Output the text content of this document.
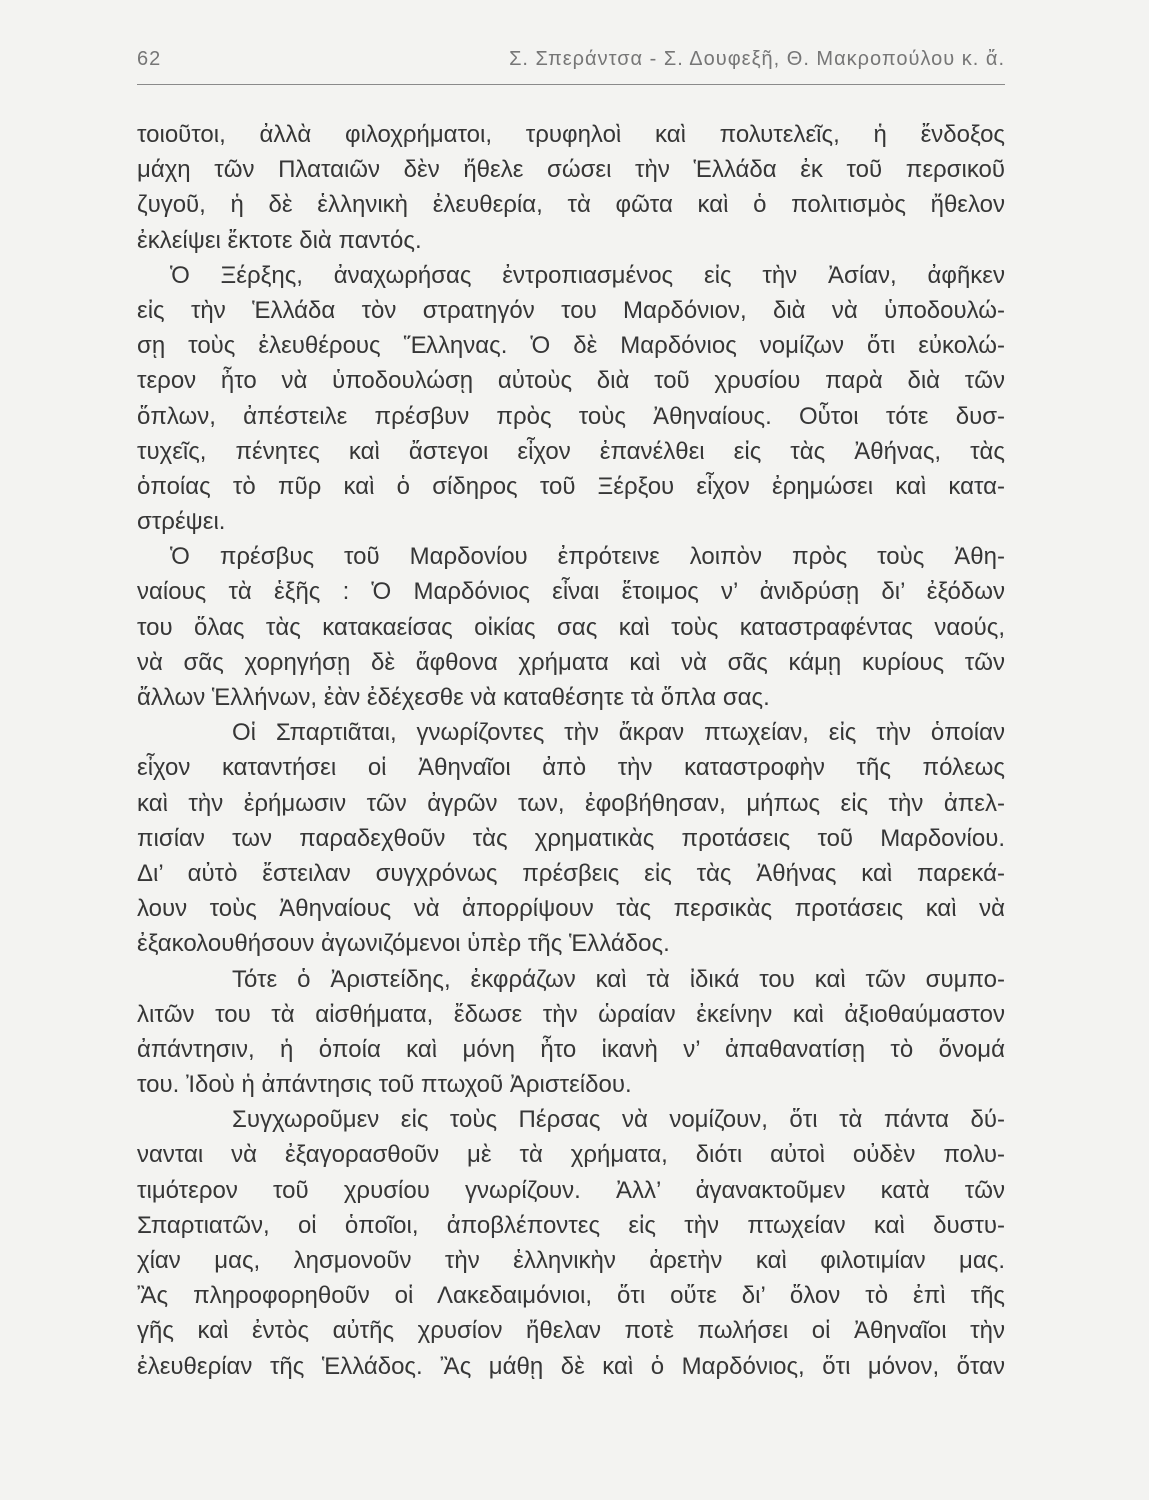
62	Σ. Σπεράντσα - Σ. Δουφεξῆ, Θ. Μακροπούλου κ. ἄ.
τοιοῦτοι, ἀλλὰ φιλοχρήματοι, τρυφηλοὶ καὶ πολυτελεῖς, ἡ ἔνδοξος
μάχη τῶν Πλαταιῶν δὲν ἤθελε σώσει τὴν Ἑλλάδα ἐκ τοῦ περσικοῦ
ζυγοῦ, ἡ δὲ ἑλληνικὴ ἐλευθερία, τὰ φῶτα καὶ ὁ πολιτισμὸς ἤθελον
ἐκλείψει ἔκτοτε διὰ παντός.
Ὁ Ξέρξης, ἀναχωρήσας ἐντροπιασμένος εἰς τὴν Ἀσίαν, ἀφῆκεν
εἰς τὴν Ἑλλάδα τὸν στρατηγόν του Μαρδόνιον, διὰ νὰ ὑποδουλώ-
σῃ τοὺς ἐλευθέρους Ἕλληνας. Ὁ δὲ Μαρδόνιος νομίζων ὅτι εὐκολώ-
τερον ἦτο νὰ ὑποδουλώσῃ αὐτοὺς διὰ τοῦ χρυσίου παρὰ διὰ τῶν
ὅπλων, ἀπέστειλε πρέσβυν πρὸς τοὺς Ἀθηναίους. Οὗτοι τότε δυσ-
τυχεῖς, πένητες καὶ ἄστεγοι εἶχον ἐπανέλθει εἰς τὰς Ἀθήνας, τὰς
ὁποίας τὸ πῦρ καὶ ὁ σίδηρος τοῦ Ξέρξου εἶχον ἐρημώσει καὶ κατα-
στρέψει.
Ὁ πρέσβυς τοῦ Μαρδονίου ἐπρότεινε λοιπὸν πρὸς τοὺς Ἀθη-
ναίους τὰ ἑξῆς : Ὁ Μαρδόνιος εἶναι ἕτοιμος ν’ ἀνιδρύσῃ δι’ ἐξόδων
του ὅλας τὰς κατακαείσας οἰκίας σας καὶ τοὺς καταστραφέντας ναούς,
νὰ σᾶς χορηγήσῃ δὲ ἄφθονα χρήματα καὶ νὰ σᾶς κάμῃ κυρίους τῶν
ἄλλων Ἑλλήνων, ἐὰν ἐδέχεσθε νὰ καταθέσητε τὰ ὅπλα σας.
Οἱ Σπαρτιᾶται, γνωρίζοντες τὴν ἄκραν πτωχείαν, εἰς τὴν ὁποίαν
εἶχον καταντήσει οἱ Ἀθηναῖοι ἀπὸ τὴν καταστροφὴν τῆς πόλεως
καὶ τὴν ἐρήμωσιν τῶν ἀγρῶν των, ἐφοβήθησαν, μήπως εἰς τὴν ἀπελ-
πισίαν των παραδεχθοῦν τὰς χρηματικὰς προτάσεις τοῦ Μαρδονίου.
Δι’ αὐτὸ ἔστειλαν συγχρόνως πρέσβεις εἰς τὰς Ἀθήνας καὶ παρεκά-
λουν τοὺς Ἀθηναίους νὰ ἀπορρίψουν τὰς περσικὰς προτάσεις καὶ νὰ
ἐξακολουθήσουν ἀγωνιζόμενοι ὑπὲρ τῆς Ἑλλάδος.
Τότε ὁ Ἀριστείδης, ἐκφράζων καὶ τὰ ἰδικά του καὶ τῶν συμπο-
λιτῶν του τὰ αἰσθήματα, ἔδωσε τὴν ὡραίαν ἐκείνην καὶ ἀξιοθαύμαστον
ἀπάντησιν, ἡ ὁποία καὶ μόνη ἦτο ἱκανὴ ν’ ἀπαθανατίσῃ τὸ ὄνομά
του. Ἰδοὺ ἡ ἀπάντησις τοῦ πτωχοῦ Ἀριστείδου.
Συγχωροῦμεν εἰς τοὺς Πέρσας νὰ νομίζουν, ὅτι τὰ πάντα δύ-
νανται νὰ ἐξαγορασθοῦν μὲ τὰ χρήματα, διότι αὐτοὶ οὐδὲν πολυ-
τιμότερον τοῦ χρυσίου γνωρίζουν. Ἀλλ’ ἀγανακτοῦμεν κατὰ τῶν
Σπαρτιατῶν, οἱ ὁποῖοι, ἀποβλέποντες εἰς τὴν πτωχείαν καὶ δυστυ-
χίαν μας, λησμονοῦν τὴν ἑλληνικὴν ἀρετὴν καὶ φιλοτιμίαν μας.
Ἂς πληροφορηθοῦν οἱ Λακεδαιμόνιοι, ὅτι οὔτε δι’ ὅλον τὸ ἐπὶ τῆς
γῆς καὶ ἐντὸς αὐτῆς χρυσίον ἤθελαν ποτὲ πωλήσει οἱ Ἀθηναῖοι τὴν
ἐλευθερίαν τῆς Ἑλλάδος. Ἂς μάθῃ δὲ καὶ ὁ Μαρδόνιος, ὅτι μόνον, ὅταν
